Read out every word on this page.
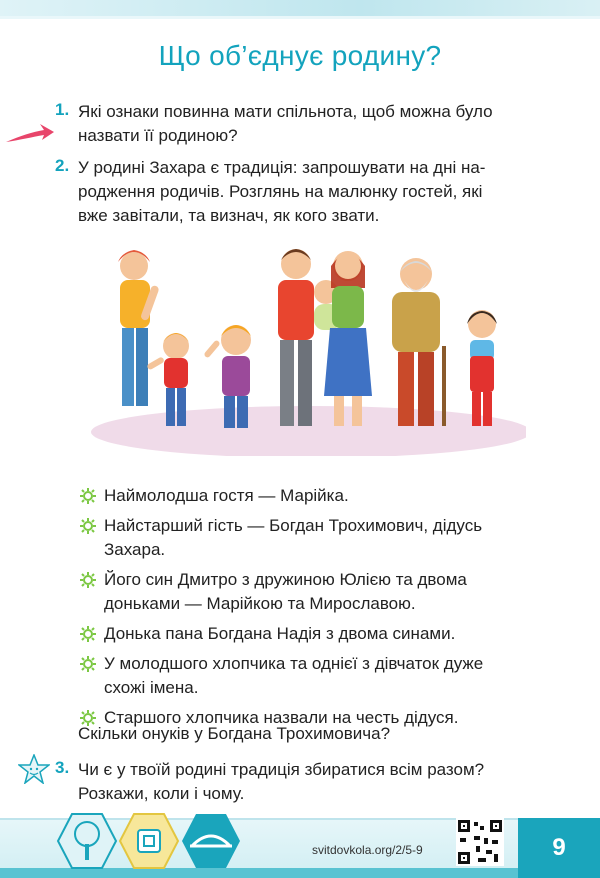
Що об’єднує родину?
1. Які ознаки повинна мати спільнота, щоб можна було
назвати її родиною?
2. У родині Захара є традиція: запрошувати на дні на-
родження родичів. Розглянь на малюнку гостей, які
вже завітали, та визнач, як кого звати.
Наймолодша гостя — Марійка.
Найстарший гість — Богдан Трохимович, дідусь
Захара.
Його син Дмитро з дружиною Юлією та двома
доньками — Марійкою та Мирославою.
Донька пана Богдана Надія з двома синами.
У молодшого хлопчика та однієї з дівчаток дуже
схожі імена.
Старшого хлопчика назвали на честь дідуся.
Скільки онуків у Богдана Трохимовича?
3. Чи є у твоїй родині традиція збиратися всім разом?
Розкажи, коли і чому.
svitdovkola.org/2/5-9	9
